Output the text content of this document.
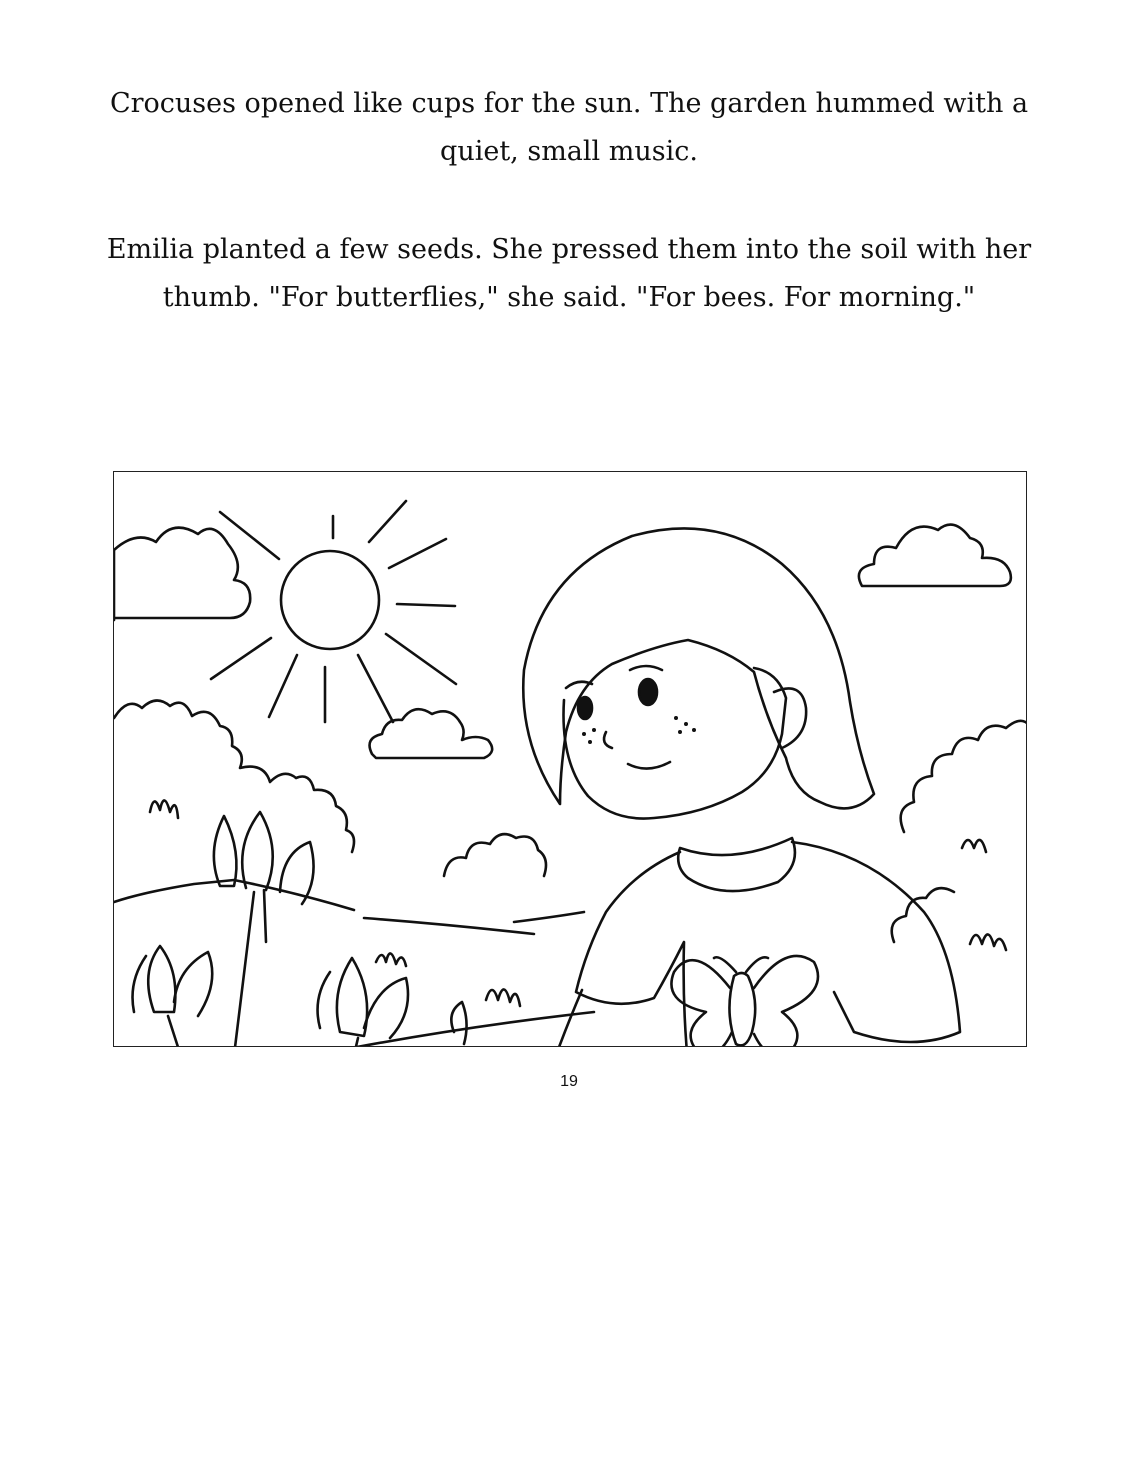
Crocuses opened like cups for the sun. The garden hummed with a quiet, small music.

Emilia planted a few seeds. She pressed them into the soil with her thumb. "For butterflies," she said. "For bees. For morning."

19
